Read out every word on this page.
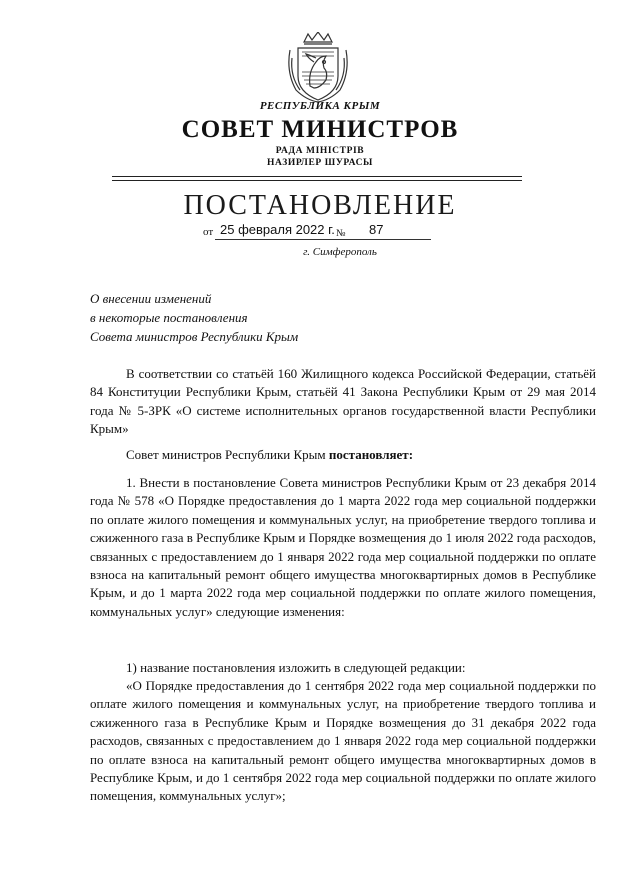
РЕСПУБЛИКА КРЫМ
СОВЕТ МИНИСТРОВ
РАДА МІНІСТРІВ
НАЗИРЛЕР ШУРАСЫ
ПОСТАНОВЛЕНИЕ
от 25 февраля 2022 г. № 87
г. Симферополь
О внесении изменений
в некоторые постановления
Совета министров Республики Крым
В соответствии со статьёй 160 Жилищного кодекса Российской Федерации, статьёй 84 Конституции Республики Крым, статьёй 41 Закона Республики Крым от 29 мая 2014 года № 5-ЗРК «О системе исполнительных органов государственной власти Республики Крым»
Совет министров Республики Крым постановляет:
1. Внести в постановление Совета министров Республики Крым от 23 декабря 2014 года № 578 «О Порядке предоставления до 1 марта 2022 года мер социальной поддержки по оплате жилого помещения и коммунальных услуг, на приобретение твердого топлива и сжиженного газа в Республике Крым и Порядке возмещения до 1 июля 2022 года расходов, связанных с предоставлением до 1 января 2022 года мер социальной поддержки по оплате взноса на капитальный ремонт общего имущества многоквартирных домов в Республике Крым, и до 1 марта 2022 года мер социальной поддержки по оплате жилого помещения, коммунальных услуг» следующие изменения:
1) название постановления изложить в следующей редакции:
«О Порядке предоставления до 1 сентября 2022 года мер социальной поддержки по оплате жилого помещения и коммунальных услуг, на приобретение твердого топлива и сжиженного газа в Республике Крым и Порядке возмещения до 31 декабря 2022 года расходов, связанных с предоставлением до 1 января 2022 года мер социальной поддержки по оплате взноса на капитальный ремонт общего имущества многоквартирных домов в Республике Крым, и до 1 сентября 2022 года мер социальной поддержки по оплате жилого помещения, коммунальных услуг»;
